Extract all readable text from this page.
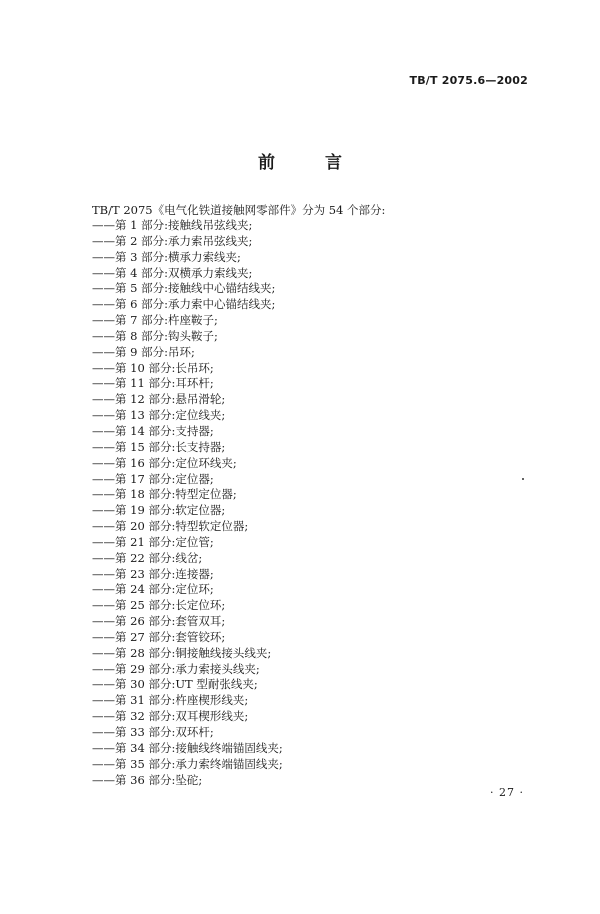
TB/T 2075.6—2002
前 言
TB/T 2075《电气化铁道接触网零部件》分为 54 个部分:
——第 1 部分:接触线吊弦线夹;
——第 2 部分:承力索吊弦线夹;
——第 3 部分:横承力索线夹;
——第 4 部分:双横承力索线夹;
——第 5 部分:接触线中心锚结线夹;
——第 6 部分:承力索中心锚结线夹;
——第 7 部分:杵座鞍子;
——第 8 部分:钩头鞍子;
——第 9 部分:吊环;
——第 10 部分:长吊环;
——第 11 部分:耳环杆;
——第 12 部分:悬吊滑轮;
——第 13 部分:定位线夹;
——第 14 部分:支持器;
——第 15 部分:长支持器;
——第 16 部分:定位环线夹;
——第 17 部分:定位器;
——第 18 部分:特型定位器;
——第 19 部分:软定位器;
——第 20 部分:特型软定位器;
——第 21 部分:定位管;
——第 22 部分:线岔;
——第 23 部分:连接器;
——第 24 部分:定位环;
——第 25 部分:长定位环;
——第 26 部分:套管双耳;
——第 27 部分:套管铰环;
——第 28 部分:铜接触线接头线夹;
——第 29 部分:承力索接头线夹;
——第 30 部分:UT 型耐张线夹;
——第 31 部分:杵座楔形线夹;
——第 32 部分:双耳楔形线夹;
——第 33 部分:双环杆;
——第 34 部分:接触线终端锚固线夹;
——第 35 部分:承力索终端锚固线夹;
——第 36 部分:坠砣;
· 27 ·
